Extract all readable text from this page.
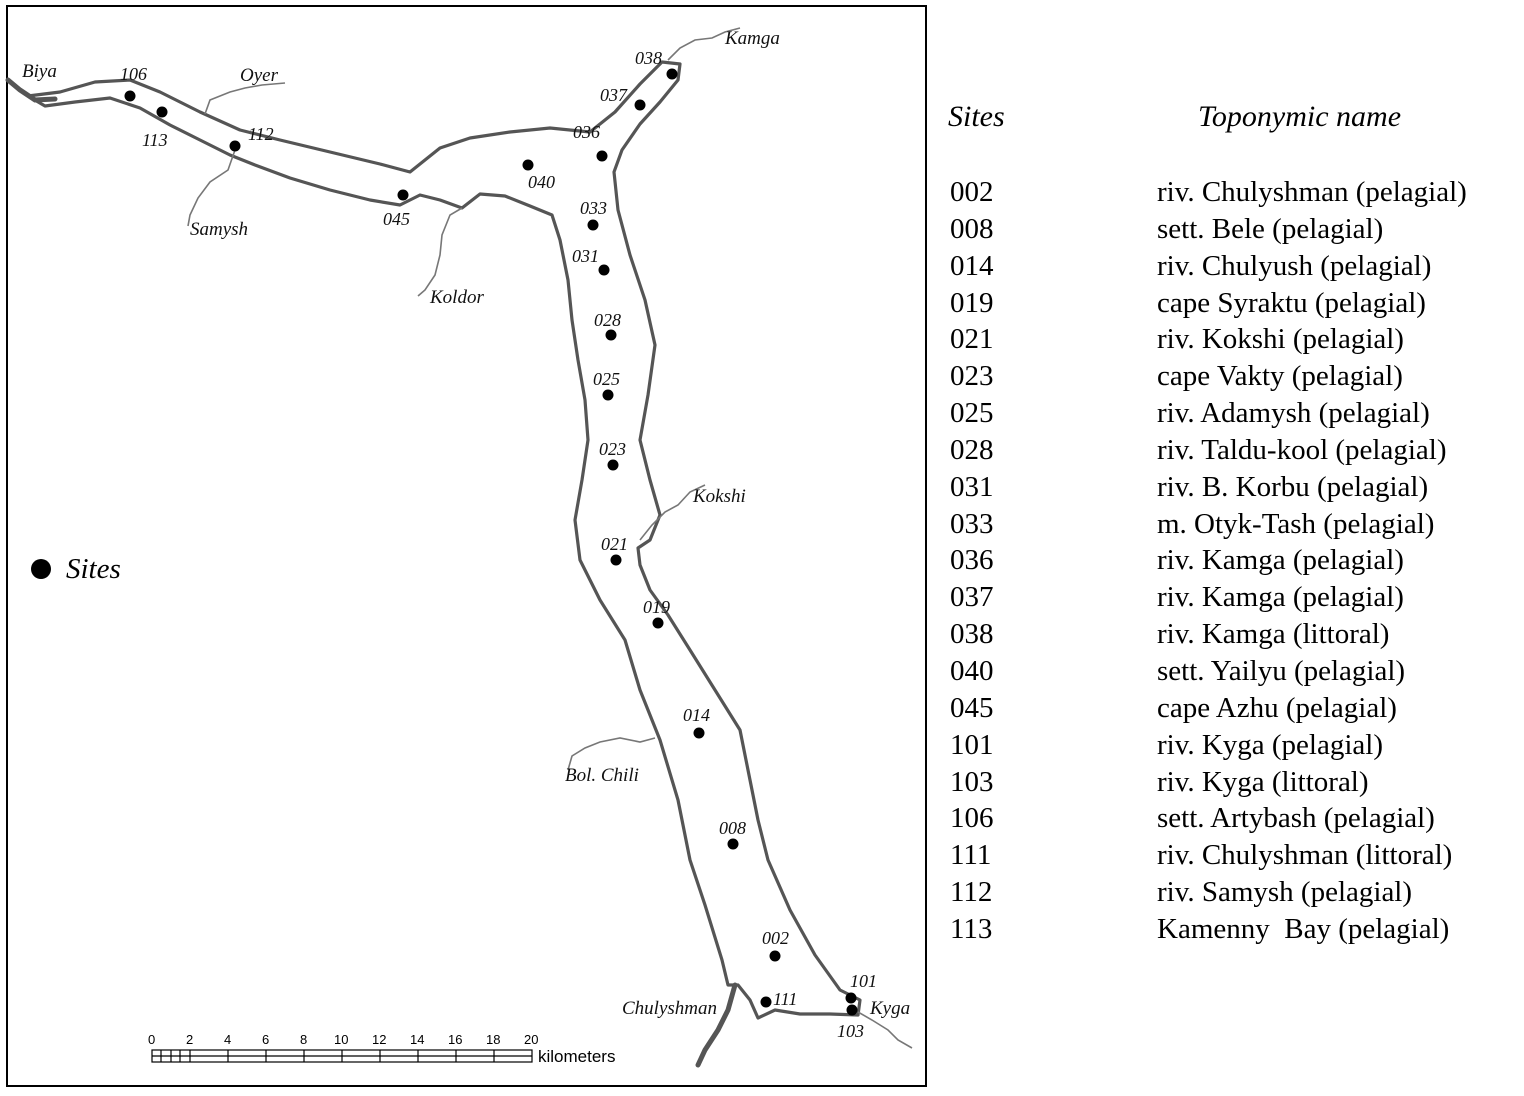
Biya	Oyer
Kamga
Samysh
Koldor
Kokshi
Bol. Chili
Chulyshman	Kyga
106
113	112
045
040
038
037
036
033
031
028
025
023
021
019
014
008
002
111
101
103
Sites
0 2 4 6 8 10 12 14 16 18 20
kilometers
Sites	Toponymic name
002	riv. Chulyshman (pelagial)
008	sett. Bele (pelagial)
014	riv. Chulyush (pelagial)
019	cape Syraktu (pelagial)
021	riv. Kokshi (pelagial)
023	cape Vakty (pelagial)
025	riv. Adamysh (pelagial)
028	riv. Taldu-kool (pelagial)
031	riv. B. Korbu (pelagial)
033	m. Otyk-Tash (pelagial)
036	riv. Kamga (pelagial)
037	riv. Kamga (pelagial)
038	riv. Kamga (littoral)
040	sett. Yailyu (pelagial)
045	cape Azhu (pelagial)
101	riv. Kyga (pelagial)
103	riv. Kyga (littoral)
106	sett. Artybash (pelagial)
111	riv. Chulyshman (littoral)
112	riv. Samysh (pelagial)
113	Kamenny  Bay (pelagial)
